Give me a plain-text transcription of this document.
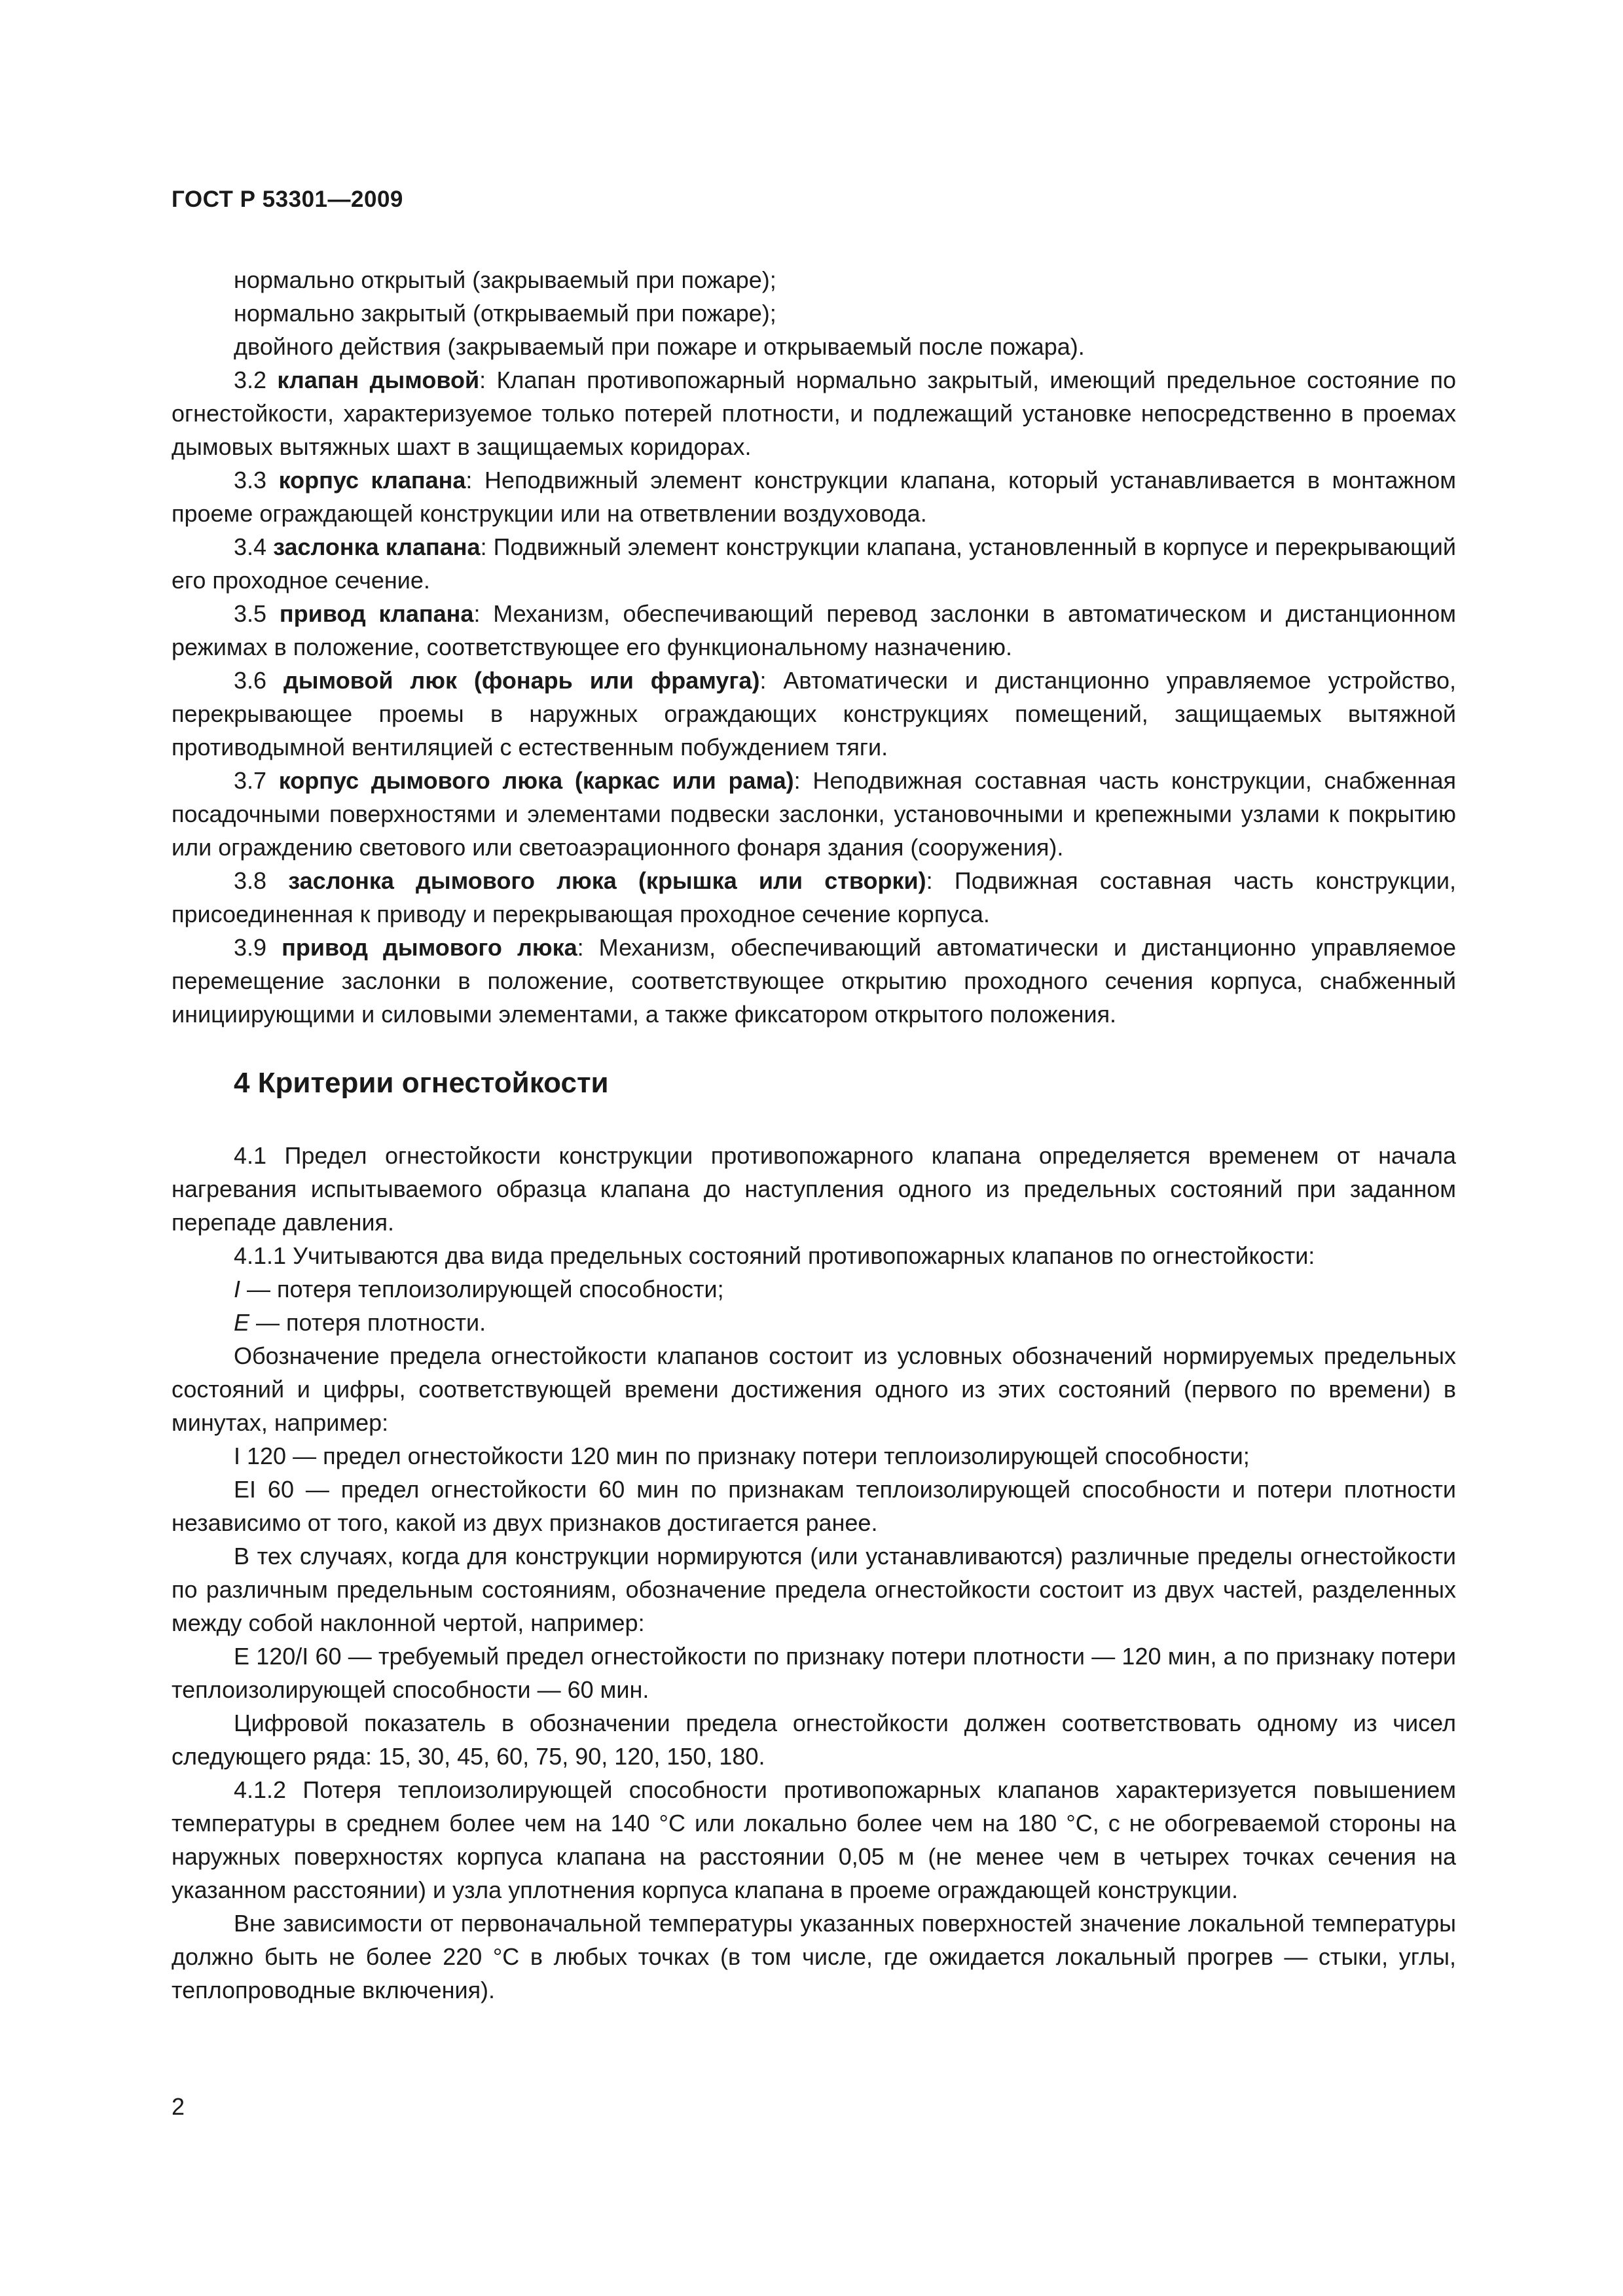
ГОСТ Р 53301—2009

нормально открытый (закрываемый при пожаре);

нормально закрытый (открываемый при пожаре);

двойного действия (закрываемый при пожаре и открываемый после пожара).

3.2 клапан дымовой: Клапан противопожарный нормально закрытый, имеющий предельное состояние по огнестойкости, характеризуемое только потерей плотности, и подлежащий установке непосредственно в проемах дымовых вытяжных шахт в защищаемых коридорах.

3.3 корпус клапана: Неподвижный элемент конструкции клапана, который устанавливается в монтажном проеме ограждающей конструкции или на ответвлении воздуховода.

3.4 заслонка клапана: Подвижный элемент конструкции клапана, установленный в корпусе и перекрывающий его проходное сечение.

3.5 привод клапана: Механизм, обеспечивающий перевод заслонки в автоматическом и дистанционном режимах в положение, соответствующее его функциональному назначению.

3.6 дымовой люк (фонарь или фрамуга): Автоматически и дистанционно управляемое устройство, перекрывающее проемы в наружных ограждающих конструкциях помещений, защищаемых вытяжной противодымной вентиляцией с естественным побуждением тяги.

3.7 корпус дымового люка (каркас или рама): Неподвижная составная часть конструкции, снабженная посадочными поверхностями и элементами подвески заслонки, установочными и крепежными узлами к покрытию или ограждению светового или светоаэрационного фонаря здания (сооружения).

3.8 заслонка дымового люка (крышка или створки): Подвижная составная часть конструкции, присоединенная к приводу и перекрывающая проходное сечение корпуса.

3.9 привод дымового люка: Механизм, обеспечивающий автоматически и дистанционно управляемое перемещение заслонки в положение, соответствующее открытию проходного сечения корпуса, снабженный инициирующими и силовыми элементами, а также фиксатором открытого положения.

4 Критерии огнестойкости

4.1 Предел огнестойкости конструкции противопожарного клапана определяется временем от начала нагревания испытываемого образца клапана до наступления одного из предельных состояний при заданном перепаде давления.

4.1.1 Учитываются два вида предельных состояний противопожарных клапанов по огнестойкости:

I — потеря теплоизолирующей способности;

E — потеря плотности.

Обозначение предела огнестойкости клапанов состоит из условных обозначений нормируемых предельных состояний и цифры, соответствующей времени достижения одного из этих состояний (первого по времени) в минутах, например:

I 120 — предел огнестойкости 120 мин по признаку потери теплоизолирующей способности;

EI 60 — предел огнестойкости 60 мин по признакам теплоизолирующей способности и потери плотности независимо от того, какой из двух признаков достигается ранее.

В тех случаях, когда для конструкции нормируются (или устанавливаются) различные пределы огнестойкости по различным предельным состояниям, обозначение предела огнестойкости состоит из двух частей, разделенных между собой наклонной чертой, например:

E 120/I 60 — требуемый предел огнестойкости по признаку потери плотности — 120 мин, а по признаку потери теплоизолирующей способности — 60 мин.

Цифровой показатель в обозначении предела огнестойкости должен соответствовать одному из чисел следующего ряда: 15, 30, 45, 60, 75, 90, 120, 150, 180.

4.1.2 Потеря теплоизолирующей способности противопожарных клапанов характеризуется повышением температуры в среднем более чем на 140 °С или локально более чем на 180 °С, с не обогреваемой стороны на наружных поверхностях корпуса клапана на расстоянии 0,05 м (не менее чем в четырех точках сечения на указанном расстоянии) и узла уплотнения корпуса клапана в проеме ограждающей конструкции.

Вне зависимости от первоначальной температуры указанных поверхностей значение локальной температуры должно быть не более 220 °С в любых точках (в том числе, где ожидается локальный прогрев — стыки, углы, теплопроводные включения).

2
